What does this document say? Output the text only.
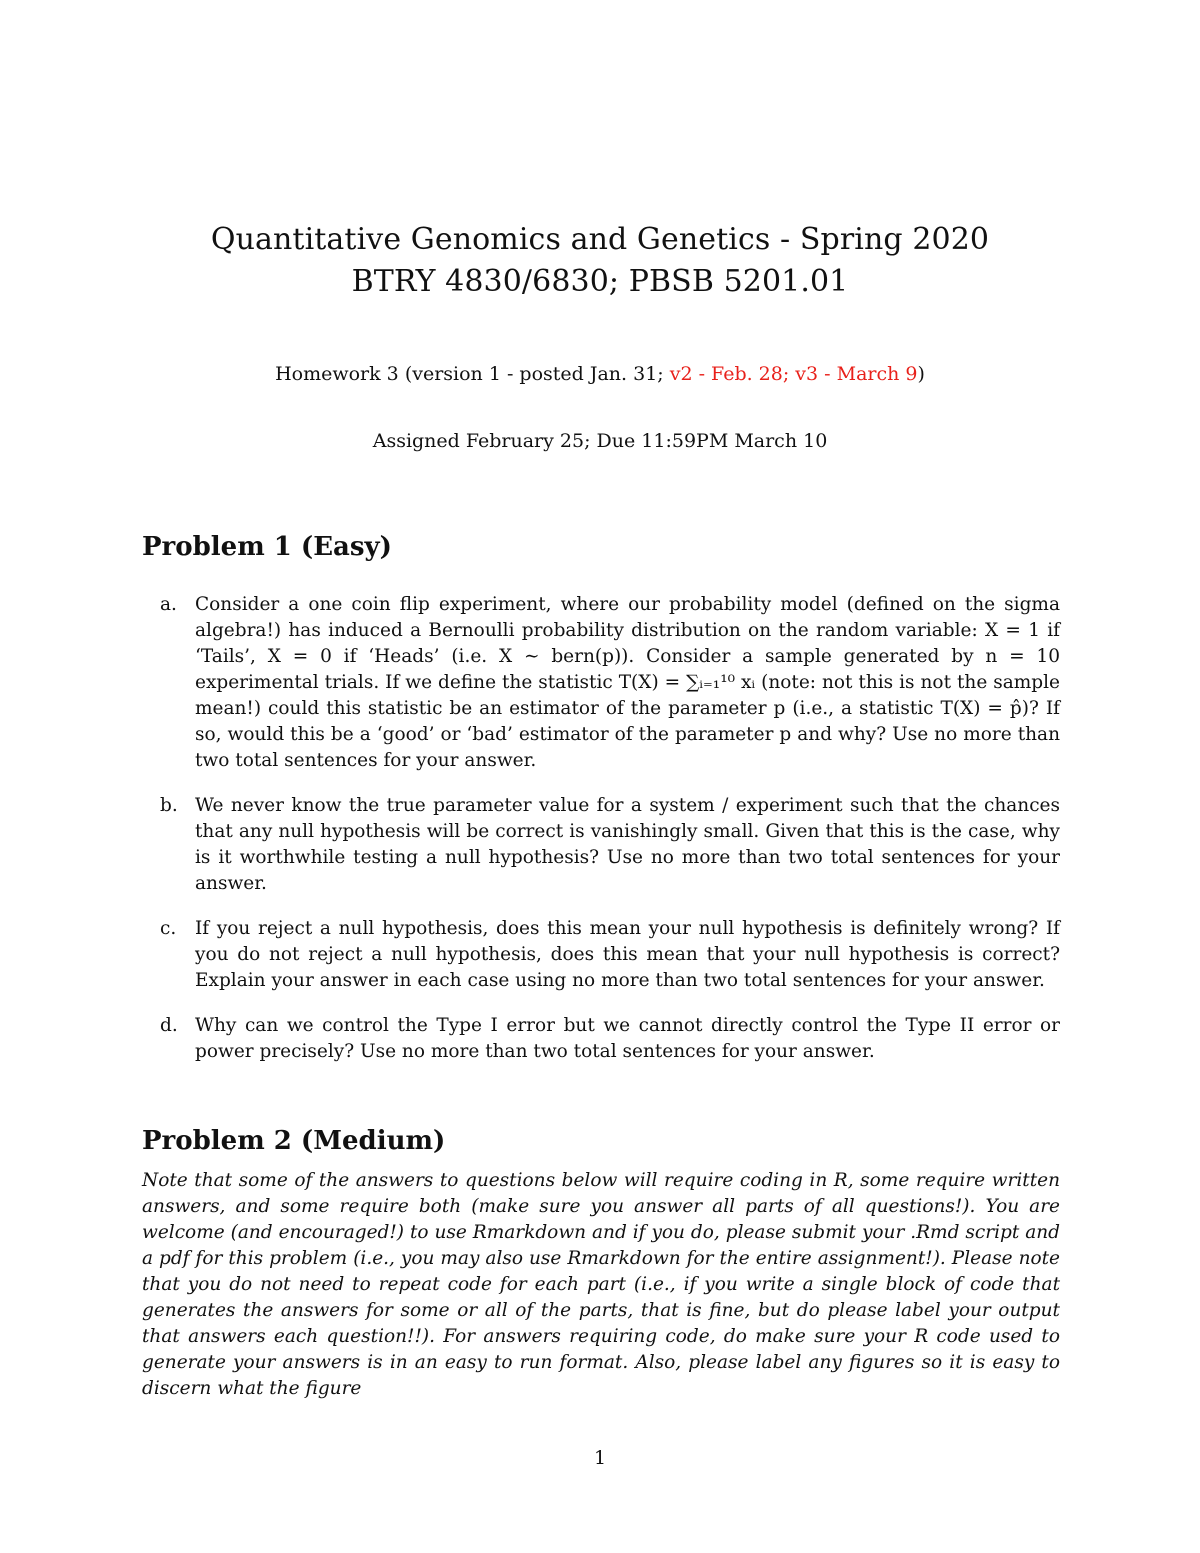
Quantitative Genomics and Genetics - Spring 2020
BTRY 4830/6830; PBSB 5201.01
Homework 3 (version 1 - posted Jan. 31; v2 - Feb. 28; v3 - March 9)
Assigned February 25; Due 11:59PM March 10
Problem 1 (Easy)
a. Consider a one coin flip experiment, where our probability model (defined on the sigma algebra!) has induced a Bernoulli probability distribution on the random variable: X = 1 if ‘Tails’, X = 0 if ‘Heads’ (i.e. X ∼ bern(p)). Consider a sample generated by n = 10 experimental trials. If we define the statistic T(X) = ∑ᵢ₌₁¹⁰ xᵢ (note: not this is not the sample mean!) could this statistic be an estimator of the parameter p (i.e., a statistic T(X) = p̂)? If so, would this be a ‘good’ or ‘bad’ estimator of the parameter p and why? Use no more than two total sentences for your answer.
b. We never know the true parameter value for a system / experiment such that the chances that any null hypothesis will be correct is vanishingly small. Given that this is the case, why is it worthwhile testing a null hypothesis? Use no more than two total sentences for your answer.
c. If you reject a null hypothesis, does this mean your null hypothesis is definitely wrong? If you do not reject a null hypothesis, does this mean that your null hypothesis is correct? Explain your answer in each case using no more than two total sentences for your answer.
d. Why can we control the Type I error but we cannot directly control the Type II error or power precisely? Use no more than two total sentences for your answer.
Problem 2 (Medium)
Note that some of the answers to questions below will require coding in R, some require written answers, and some require both (make sure you answer all parts of all questions!). You are welcome (and encouraged!) to use Rmarkdown and if you do, please submit your .Rmd script and a pdf for this problem (i.e., you may also use Rmarkdown for the entire assignment!). Please note that you do not need to repeat code for each part (i.e., if you write a single block of code that generates the answers for some or all of the parts, that is fine, but do please label your output that answers each question!!). For answers requiring code, do make sure your R code used to generate your answers is in an easy to run format. Also, please label any figures so it is easy to discern what the figure
1
